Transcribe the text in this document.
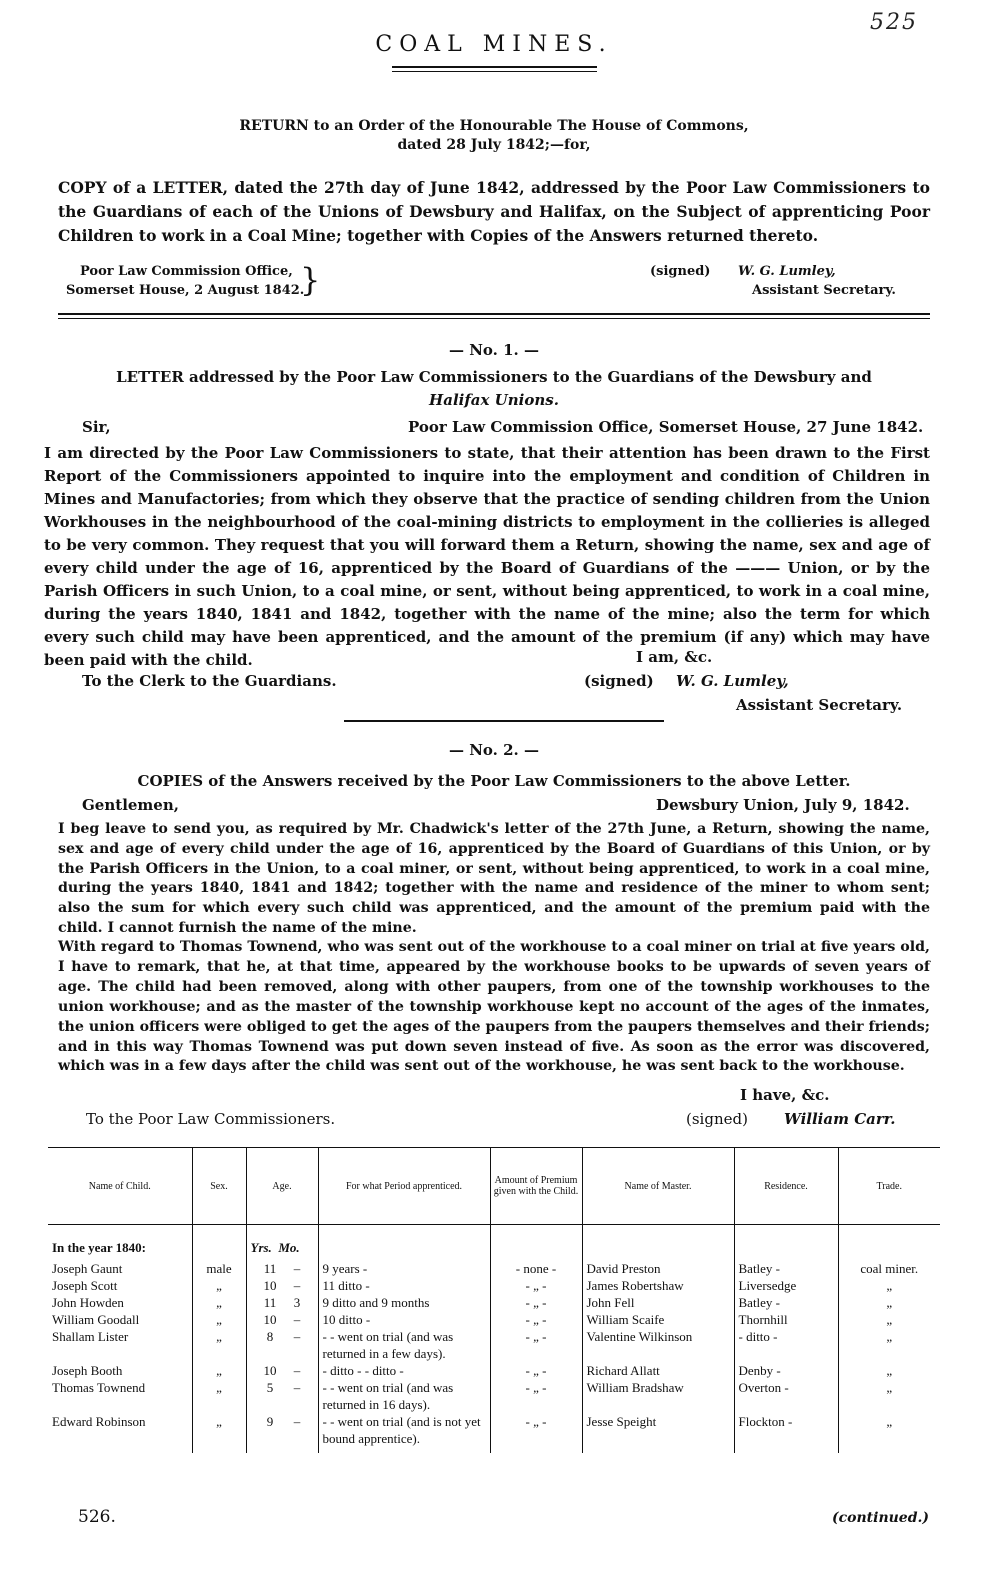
525
COAL MINES.
RETURN to an Order of the Honourable The House of Commons,
dated 28 July 1842;—for,

COPY of a LETTER, dated the 27th day of June 1842, addressed by the Poor Law Commissioners to the Guardians of each of the Unions of Dewsbury and Halifax, on the Subject of apprenticing Poor Children to work in a Coal Mine; together with Copies of the Answers returned thereto.

Poor Law Commission Office,
Somerset House, 2 August 1842.
}	(signed) W. G. Lumley,
Assistant Secretary.
— No. 1. —
LETTER addressed by the Poor Law Commissioners to the Guardians of the Dewsbury and
Halifax Unions.
Sir,	Poor Law Commission Office, Somerset House, 27 June 1842.

I am directed by the Poor Law Commissioners to state, that their attention has been drawn to the First Report of the Commissioners appointed to inquire into the employment and condition of Children in Mines and Manufactories; from which they observe that the practice of sending children from the Union Workhouses in the neighbourhood of the coal-mining districts to employment in the collieries is alleged to be very common. They request that you will forward them a Return, showing the name, sex and age of every child under the age of 16, apprenticed by the Board of Guardians of the ——— Union, or by the Parish Officers in such Union, to a coal mine, or sent, without being apprenticed, to work in a coal mine, during the years 1840, 1841 and 1842, together with the name of the mine; also the term for which every such child may have been apprenticed, and the amount of the premium (if any) which may have been paid with the child.	I am, &c.
To the Clerk to the Guardians.	(signed) W. G. Lumley,
Assistant Secretary.
— No. 2. —
COPIES of the Answers received by the Poor Law Commissioners to the above Letter.
Gentlemen,	Dewsbury Union, July 9, 1842.

I beg leave to send you, as required by Mr. Chadwick's letter of the 27th June, a Return, showing the name, sex and age of every child under the age of 16, apprenticed by the Board of Guardians of this Union, or by the Parish Officers in the Union, to a coal miner, or sent, without being apprenticed, to work in a coal mine, during the years 1840, 1841 and 1842; together with the name and residence of the miner to whom sent; also the sum for which every such child was apprenticed, and the amount of the premium paid with the child. I cannot furnish the name of the mine.

With regard to Thomas Townend, who was sent out of the workhouse to a coal miner on trial at five years old, I have to remark, that he, at that time, appeared by the workhouse books to be upwards of seven years of age. The child had been removed, along with other paupers, from one of the township workhouses to the union workhouse; and as the master of the township workhouse kept no account of the ages of the inmates, the union officers were obliged to get the ages of the paupers from the paupers themselves and their friends; and in this way Thomas Townend was put down seven instead of five. As soon as the error was discovered, which was in a few days after the child was sent out of the workhouse, he was sent back to the workhouse.

I have, &c.
To the Poor Law Commissioners.	(signed) William Carr.
Name of Child.	Sex.	Age.	For what Period apprenticed.	Amount of Premium given with the Child.	Name of Master.	Residence.	Trade.

In the year 1840:		Yrs. Mo.					
Joseph Gaunt	male	11 –	9 years -	- none -	David Preston	Batley -	coal miner.
Joseph Scott	„	10 –	11 ditto -	- „ -	James Robertshaw	Liversedge	„
John Howden	„	11 3	9 ditto and 9 months	- „ -	John Fell	Batley -	„
William Goodall	„	10 –	10 ditto -	- „ -	William Scaife	Thornhill	„
Shallam Lister	„	8 –	- - went on trial (and was returned in a few days).	- „ -	Valentine Wilkinson	- ditto -	„
Joseph Booth	„	10 –	- ditto - - ditto -	- „ -	Richard Allatt	Denby -	„
Thomas Townend	„	5 –	- - went on trial (and was returned in 16 days).	- „ -	William Bradshaw	Overton -	„
Edward Robinson	„	9 –	- - went on trial (and is not yet bound apprentice).	- „ -	Jesse Speight	Flockton -	„
526.	(continued.)
